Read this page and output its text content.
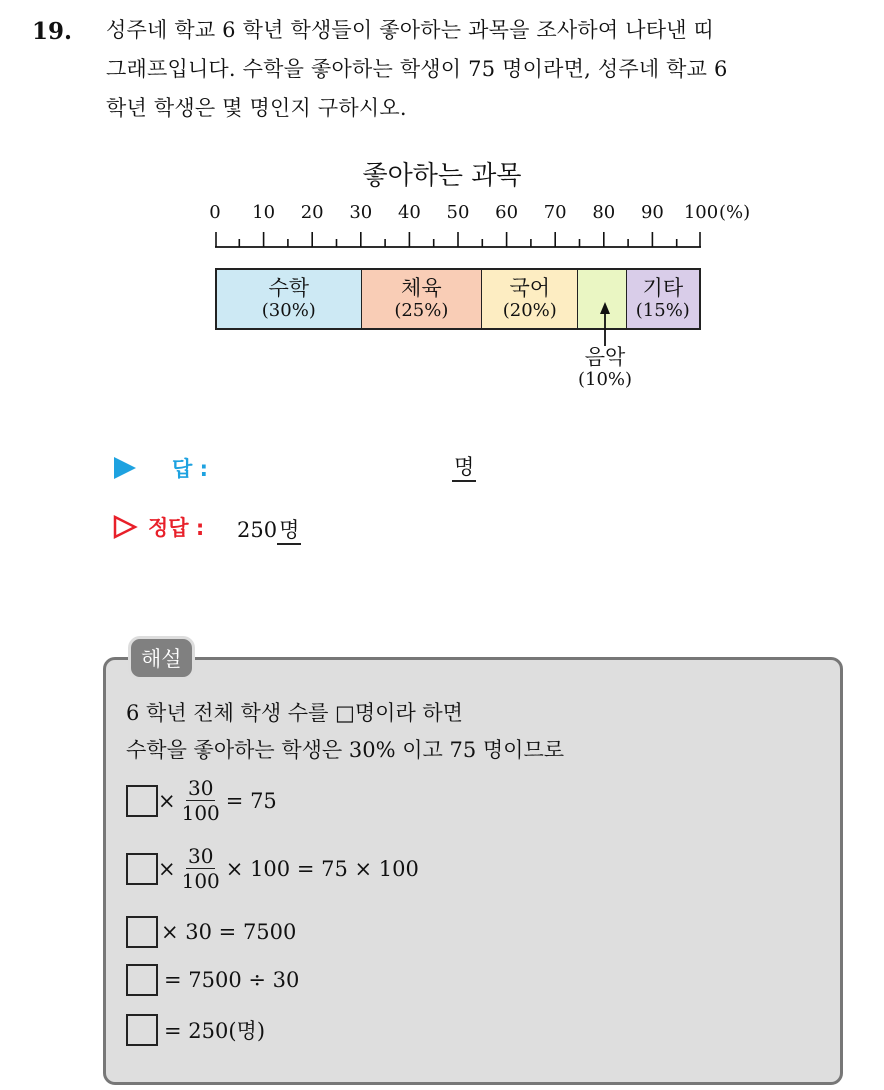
19. 성주네 학교 6 학년 학생들이 좋아하는 과목을 조사하여 나타낸 띠
그래프입니다. 수학을 좋아하는 학생이 75 명이라면, 성주네 학교 6
학년 학생은 몇 명인지 구하시오.
좋아하는 과목
0	10	20	30	40	50	60	70	80	90	100 (%)
수학
(30%)
체육
(25%)
국어
(20%)
기타
(15%)
음악
(10%)
답 :	명
정답 : 250명
해설
6 학년 전체 학생 수를 □명이라 하면
수학을 좋아하는 학생은 30% 이고 75 명이므로
× $\frac{30}{100} = 75$
× $\frac{30}{100} \times 100 = 75 \times 100$
× 30 = 7500
= 7500 ÷ 30
= 250(명)
